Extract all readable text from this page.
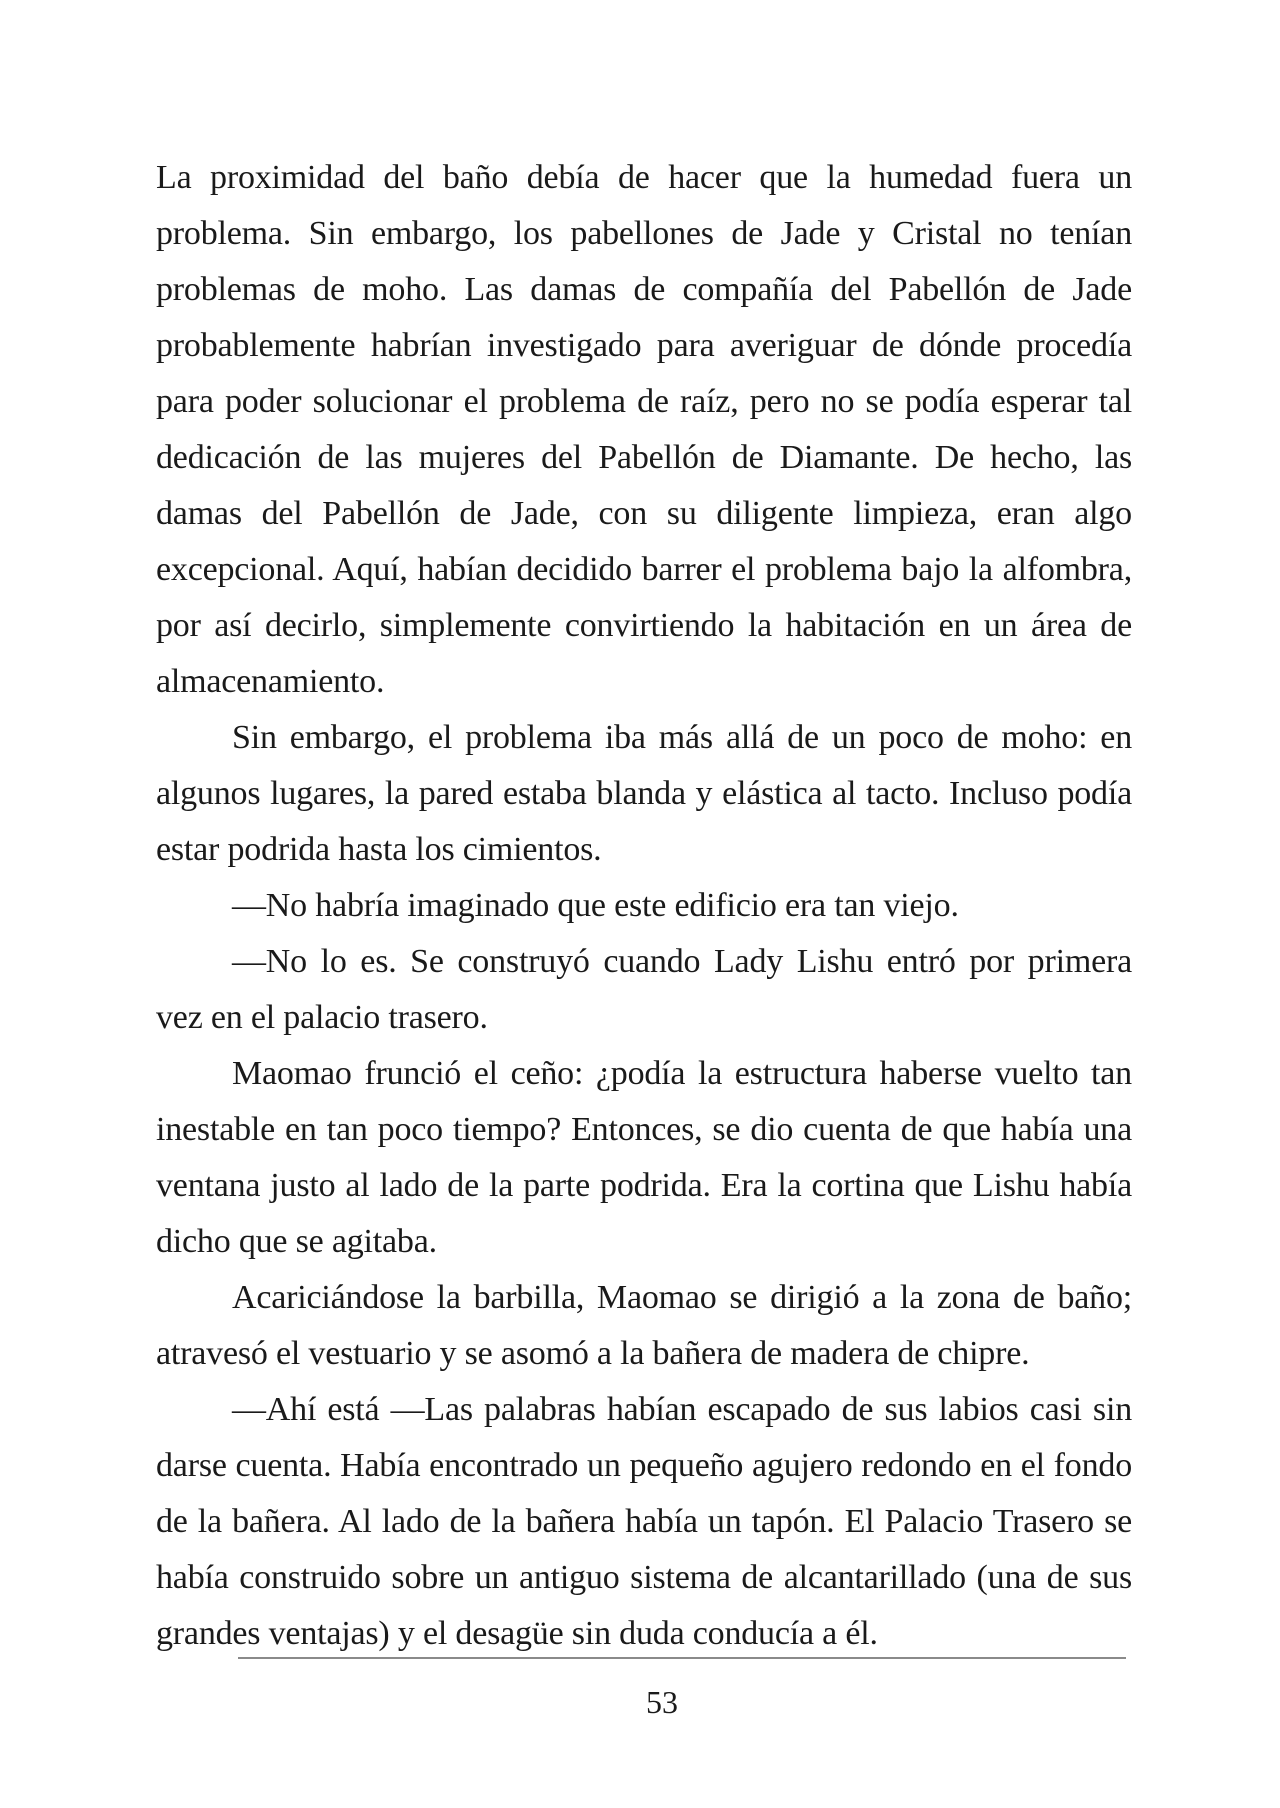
La proximidad del baño debía de hacer que la humedad fuera un problema. Sin embargo, los pabellones de Jade y Cristal no tenían problemas de moho. Las damas de compañía del Pabellón de Jade probablemente habrían investigado para averiguar de dónde procedía para poder solucionar el problema de raíz, pero no se podía esperar tal dedicación de las mujeres del Pabellón de Diamante. De hecho, las damas del Pabellón de Jade, con su diligente limpieza, eran algo excepcional. Aquí, habían decidido barrer el problema bajo la alfombra, por así decirlo, simplemente convirtiendo la habitación en un área de almacenamiento.

Sin embargo, el problema iba más allá de un poco de moho: en algunos lugares, la pared estaba blanda y elástica al tacto. Incluso podía estar podrida hasta los cimientos.

—No habría imaginado que este edificio era tan viejo.

—No lo es. Se construyó cuando Lady Lishu entró por primera vez en el palacio trasero.

Maomao frunció el ceño: ¿podía la estructura haberse vuelto tan inestable en tan poco tiempo? Entonces, se dio cuenta de que había una ventana justo al lado de la parte podrida. Era la cortina que Lishu había dicho que se agitaba.

Acariciándose la barbilla, Maomao se dirigió a la zona de baño; atravesó el vestuario y se asomó a la bañera de madera de chipre.

—Ahí está —Las palabras habían escapado de sus labios casi sin darse cuenta. Había encontrado un pequeño agujero redondo en el fondo de la bañera. Al lado de la bañera había un tapón. El Palacio Trasero se había construido sobre un antiguo sistema de alcantarillado (una de sus grandes ventajas) y el desagüe sin duda conducía a él.

53
